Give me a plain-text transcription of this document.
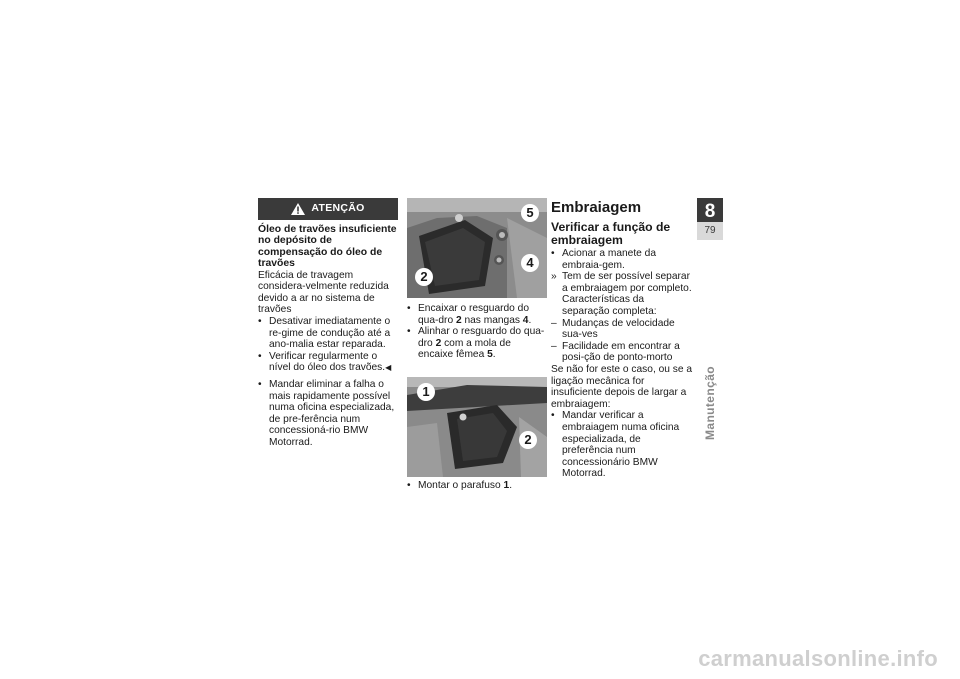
ATENÇÃO

Óleo de travões insuficiente no depósito de compensação do óleo de travões

Eficácia de travagem considera-velmente reduzida devido a ar no sistema de travões

• Desativar imediatamente o re-gime de condução até a ano-malia estar reparada.
• Verificar regularmente o nível do óleo dos travões.◀
• Mandar eliminar a falha o mais rapidamente possível numa oficina especializada, de pre-ferência num concessioná-rio BMW Motorrad.
5
4
2
• Encaixar o resguardo do qua-dro 2 nas mangas 4.
• Alinhar o resguardo do qua-dro 2 com a mola de encaixe fêmea 5.
1
2
• Montar o parafuso 1.
Embraiagem
Verificar a função de embraiagem
• Acionar a manete da embraia-gem.
» Tem de ser possível separar a embraiagem por completo.
Características da separação completa:
– Mudanças de velocidade sua-ves
– Facilidade em encontrar a posi-ção de ponto-morto

Se não for este o caso, ou se a ligação mecânica for insuficiente depois de largar a embraiagem:

• Mandar verificar a embraiagem numa oficina especializada, de preferência num concessionário BMW Motorrad.
8
79
Manutenção
carmanualsonline.info
